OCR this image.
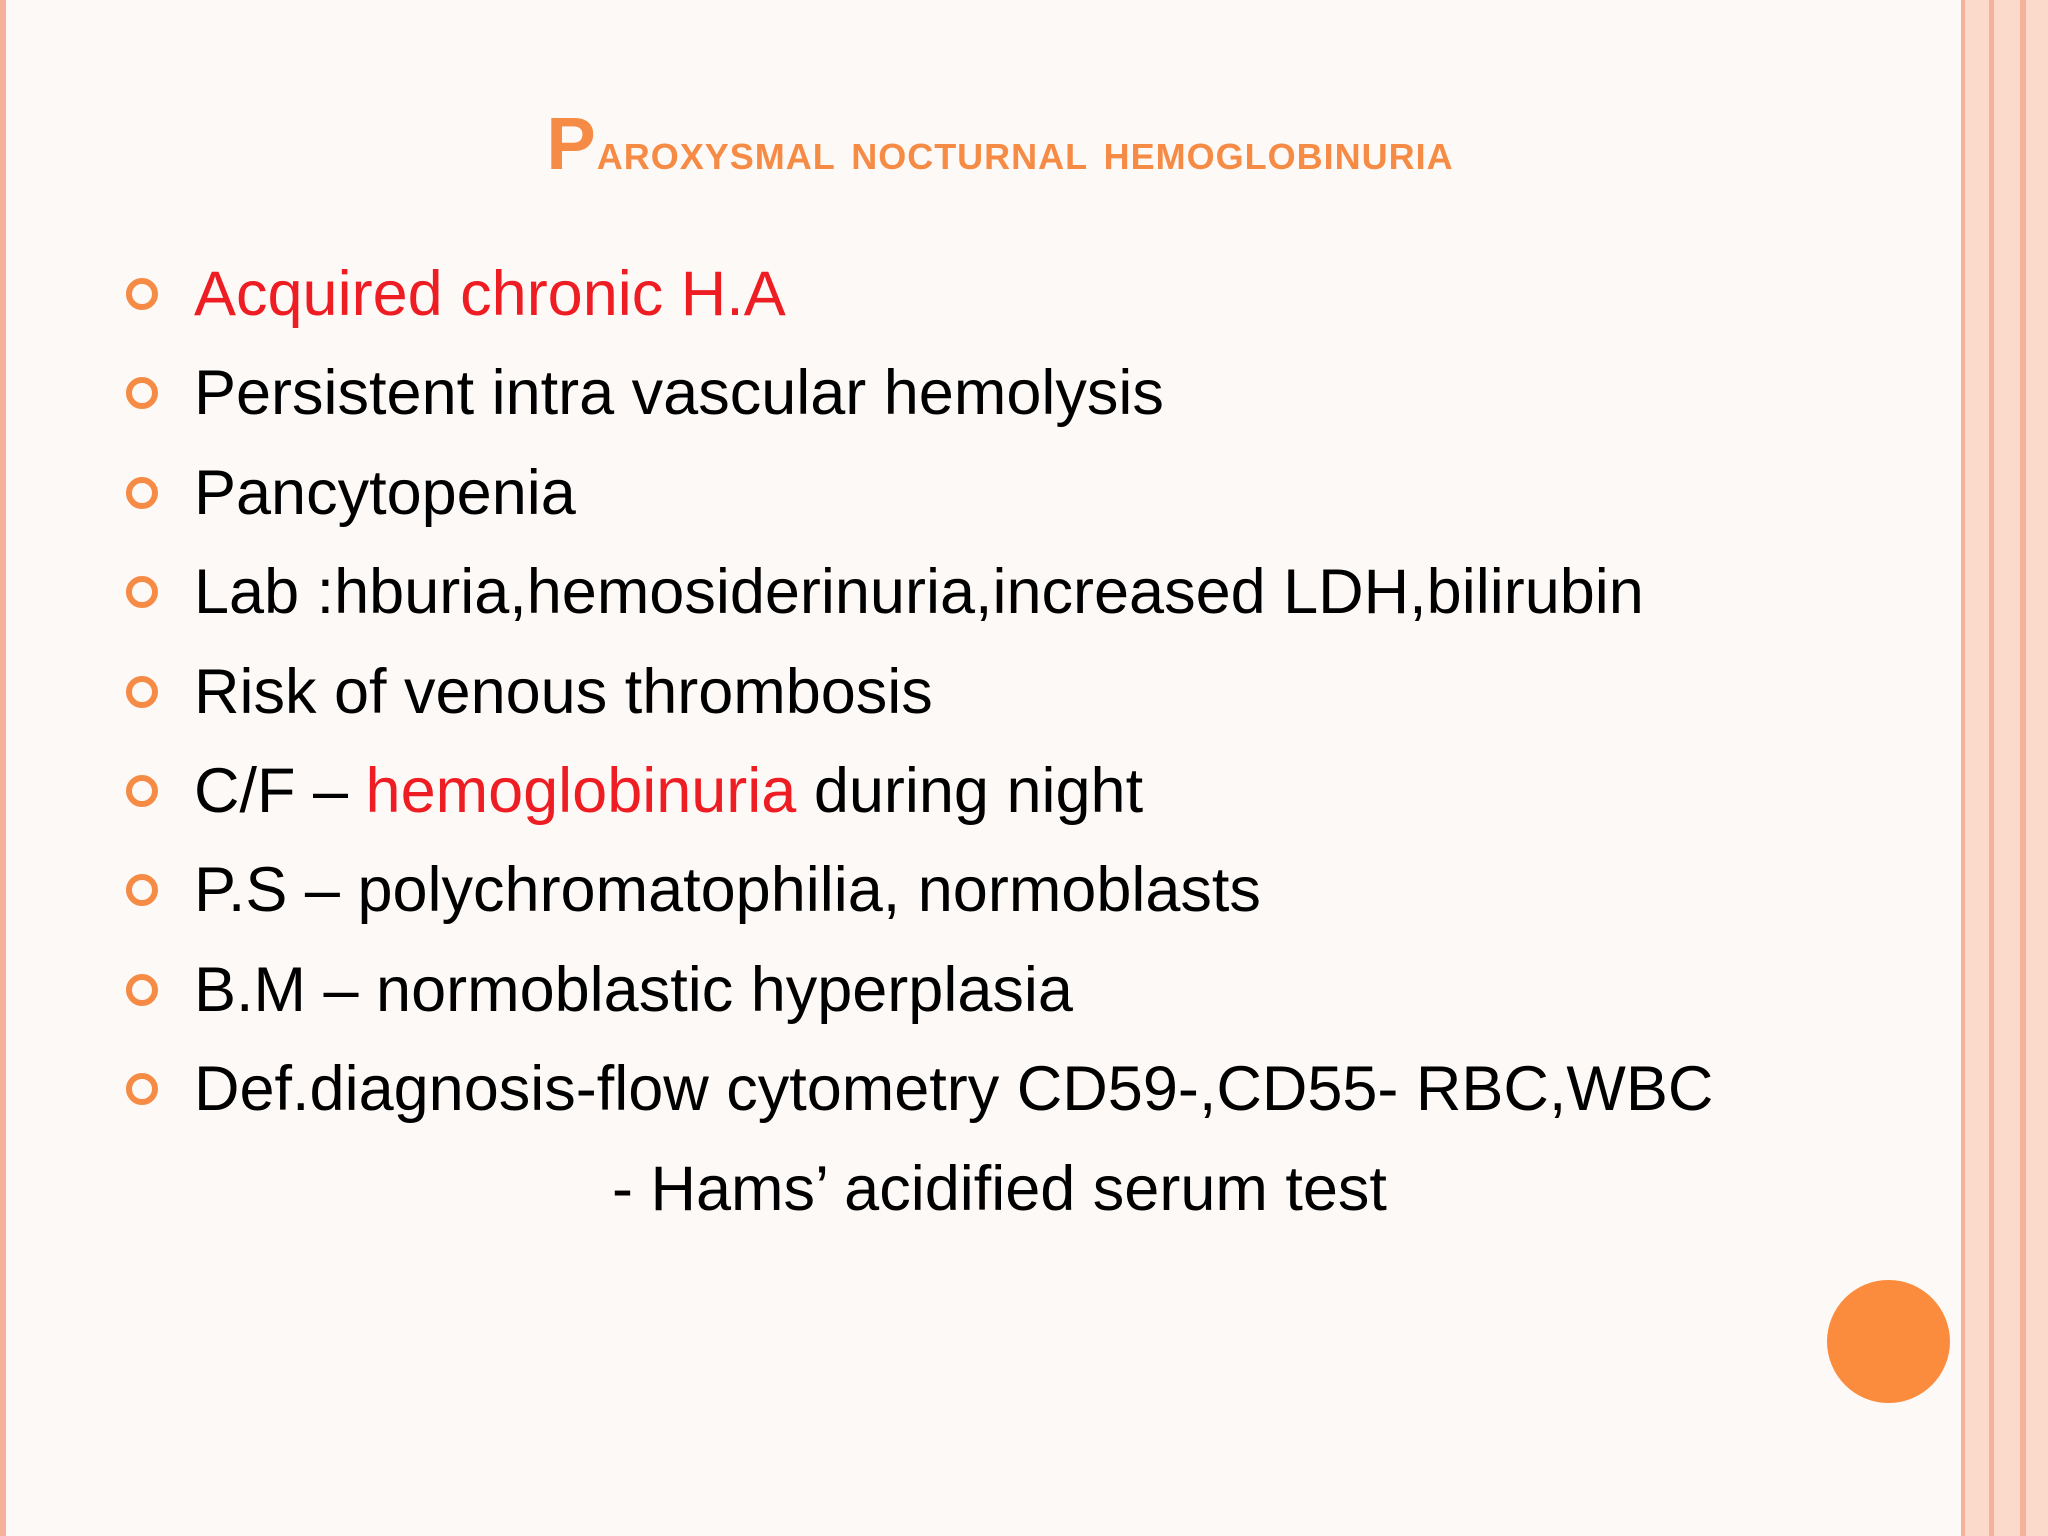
Paroxysmal nocturnal hemoglobinuria
Acquired chronic H.A
Persistent intra vascular hemolysis
Pancytopenia
Lab :hburia,hemosiderinuria,increased LDH,bilirubin
Risk of venous thrombosis
C/F – hemoglobinuria during night
P.S – polychromatophilia, normoblasts
B.M – normoblastic hyperplasia
Def.diagnosis-flow cytometry CD59-,CD55- RBC,WBC
- Hams’ acidified serum test
